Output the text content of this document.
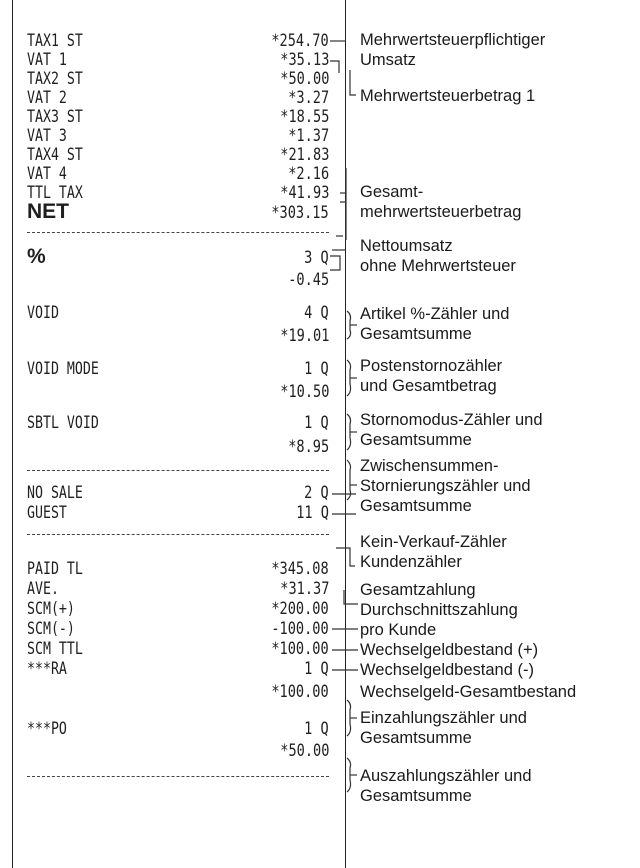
TAX1 ST	*254.70
VAT 1	*35.13
TAX2 ST	*50.00
VAT 2	*3.27
TAX3 ST	*18.55
VAT 3	*1.37
TAX4 ST	*21.83
VAT 4	*2.16
TTL TAX	*41.93
NET	*303.15
%	3 Q
-0.45
VOID	4 Q
*19.01
VOID MODE	1 Q
*10.50
SBTL VOID	1 Q
*8.95
NO SALE	2 Q
GUEST	11 Q
PAID TL	*345.08
AVE.	*31.37
SCM(+)	*200.00
SCM(-)	-100.00
SCM TTL	*100.00
***RA	1 Q
*100.00
***PO	1 Q
*50.00
Mehrwertsteuerpflichtiger
Umsatz
Mehrwertsteuerbetrag 1
Gesamt-
mehrwertsteuerbetrag
Nettoumsatz
ohne Mehrwertsteuer
Artikel %-Zähler und
Gesamtsumme
Postenstornozähler
und Gesamtbetrag
Stornomodus-Zähler und
Gesamtsumme
Zwischensummen-
Stornierungszähler und
Gesamtsumme
Kein-Verkauf-Zähler
Kundenzähler
Gesamtzahlung
Durchschnittszahlung
pro Kunde
Wechselgeldbestand (+)
Wechselgeldbestand (-)
Wechselgeld-Gesamtbestand
Einzahlungszähler und
Gesamtsumme
Auszahlungszähler und
Gesamtsumme
